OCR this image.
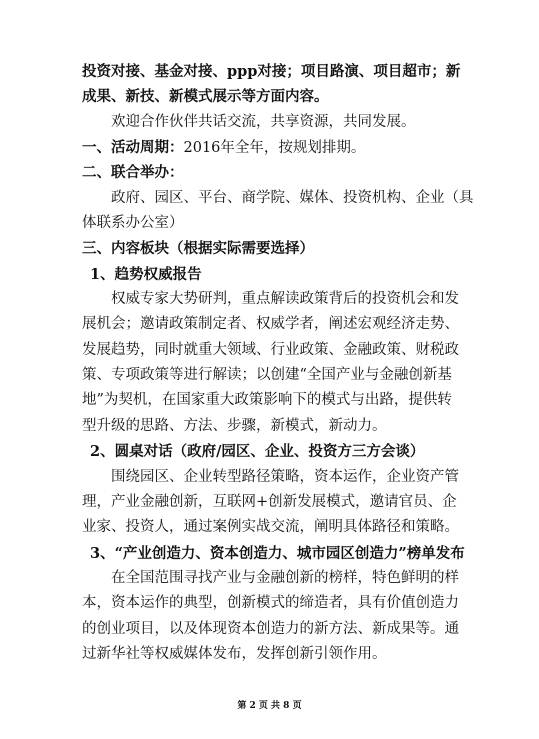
投资对接、基金对接、ppp对接；项目路演、项目超市；新
成果、新技、新模式展示等方面内容。
欢迎合作伙伴共话交流，共享资源，共同发展。
一、活动周期：2016年全年，按规划排期。
二、联合举办：
政府、园区、平台、商学院、媒体、投资机构、企业（具
体联系办公室）
三、内容板块（根据实际需要选择）
1、趋势权威报告
权威专家大势研判，重点解读政策背后的投资机会和发
展机会；邀请政策制定者、权威学者，阐述宏观经济走势、
发展趋势，同时就重大领域、行业政策、金融政策、财税政
策、专项政策等进行解读；以创建“全国产业与金融创新基
地”为契机，在国家重大政策影响下的模式与出路，提供转
型升级的思路、方法、步骤，新模式，新动力。
2、圆桌对话（政府/园区、企业、投资方三方会谈）
围绕园区、企业转型路径策略，资本运作，企业资产管
理，产业金融创新，互联网+创新发展模式，邀请官员、企
业家、投资人，通过案例实战交流，阐明具体路径和策略。
3、“产业创造力、资本创造力、城市园区创造力”榜单发布
在全国范围寻找产业与金融创新的榜样，特色鲜明的样
本，资本运作的典型，创新模式的缔造者，具有价值创造力
的创业项目，以及体现资本创造力的新方法、新成果等。通
过新华社等权威媒体发布，发挥创新引领作用。
第 2 页 共 8 页
